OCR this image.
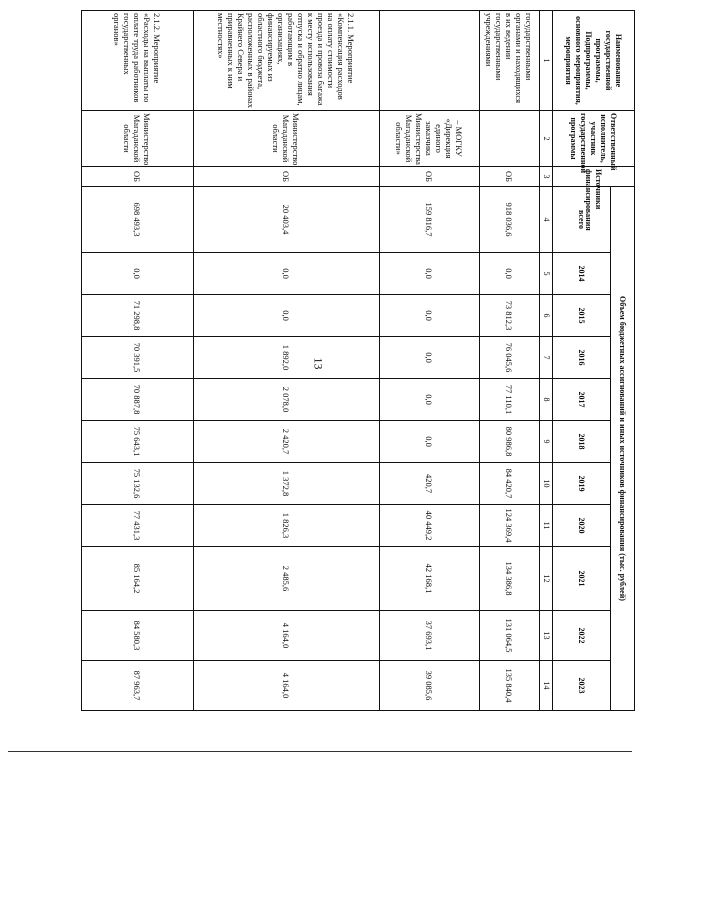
13
Наименование государственной программы, Подпрограммы, основного мероприятия, мероприятия	Ответственный исполнитель, участник государственной программы	Источники финансирования	Объем бюджетных ассигнований и иных источников финансирования (тыс. рублей)										
			всего	2014	2015	2016	2017	2018	2019	2020	2021	2022	2023
1	2	3	4	5	6	7	8	9	10	11	12	13	14
государственными органами и находящихся в их ведении государственными учреждениями		ОБ	918 036,6	0,0	73 812,3	76 045,6	77 110,1	80 986,8	84 420,7	124 369,4	134 386,8	131 064,5	135 840,4
	– МОГКУ «Дирекция единого заказчика Министерства Магаданской области»	ОБ	159 816,7	0,0	0,0	0,0	0,0	0,0	420,7	40 449,2	42 168,1	37 693,1	39 085,6
2.1.1. Мероприятие «Компенсация расходов на оплату стоимости проезда и провоза багажа к месту использования отпуска и обратно лицам, работающим в организациях, финансируемых из областного бюджета, расположенных в районах Крайнего Севера и приравненных к ним местностях»	Министерство Магаданской области	ОБ	20 403,4	0,0	0,0	1 892,0	2 078,0	2 420,7	1 372,8	1 826,3	2 485,6	4 164,0	4 164,0
2.1.2. Мероприятие «Расходы на выплаты по оплате труда работников государственных органов»	Министерство Магаданской области	ОБ	698 493,3	0,0	71 298,8	70 391,5	70 887,8	75 643,1	75 132,6	77 431,3	85 164,2	84 580,3	87 963,7
